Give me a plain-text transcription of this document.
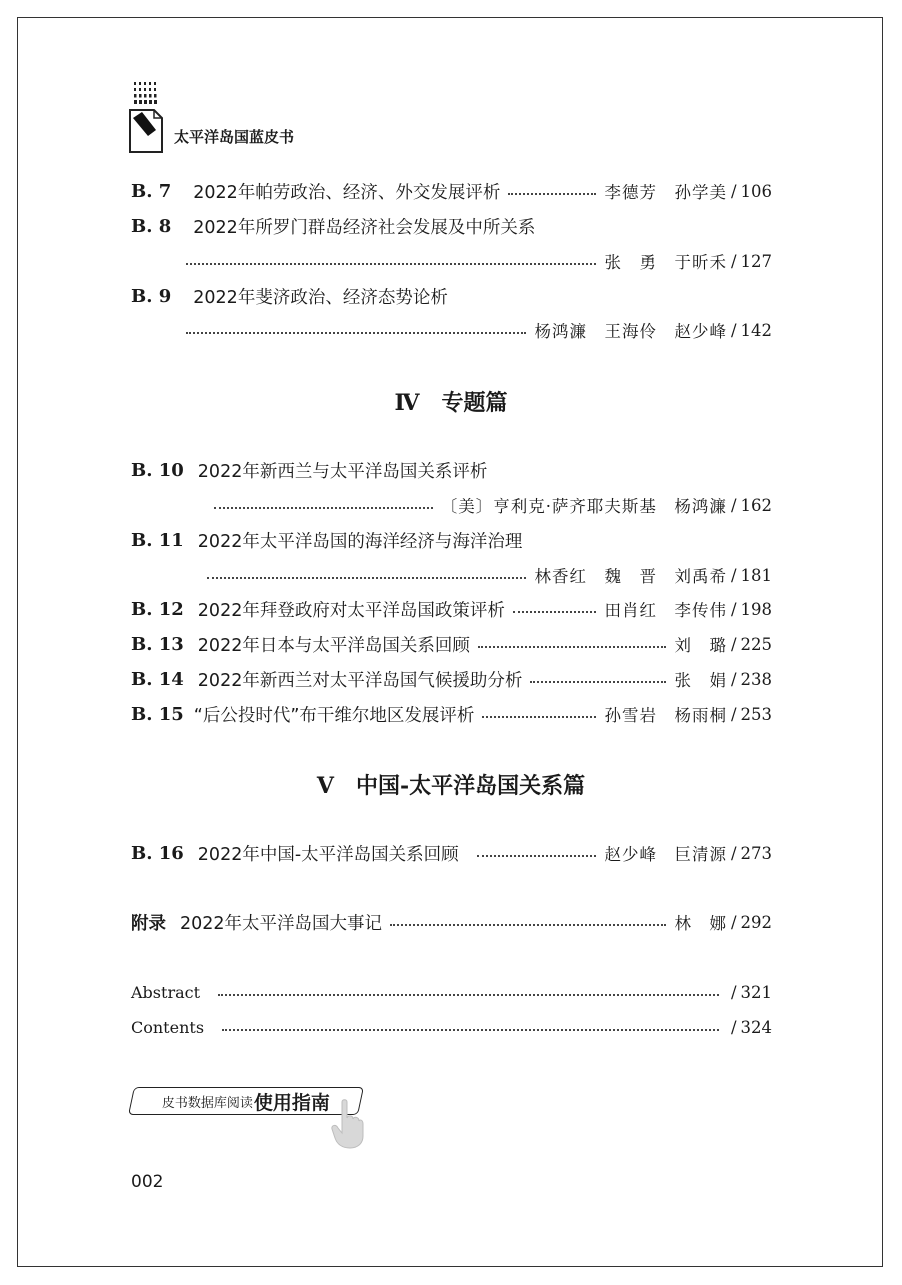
太平洋岛国蓝皮书
B. 7 2022年帕劳政治、经济、外交发展评析	李德芳　孙学美 / 106
B. 8 2022年所罗门群岛经济社会发展及中所关系
张　勇　于昕禾 / 127
B. 9 2022年斐济政治、经济态势论析
杨鸿濂　王海伶　赵少峰 / 142
Ⅳ 专题篇
B. 10 2022年新西兰与太平洋岛国关系评析
〔美〕亨利克·萨齐耶夫斯基　杨鸿濂 / 162
B. 11 2022年太平洋岛国的海洋经济与海洋治理
林香红　魏　晋　刘禹希 / 181
B. 12 2022年拜登政府对太平洋岛国政策评析	田肖红　李传伟 / 198
B. 13 2022年日本与太平洋岛国关系回顾	刘　璐 / 225
B. 14 2022年新西兰对太平洋岛国气候援助分析	张　娟 / 238
B. 15 “后公投时代”布干维尔地区发展评析	孙雪岩　杨雨桐 / 253
Ⅴ 中国-太平洋岛国关系篇
B. 16 2022年中国-太平洋岛国关系回顾	赵少峰　巨清源 / 273
附录 2022年太平洋岛国大事记	林　娜 / 292
Abstract	/ 321
Contents	/ 324
皮书数据库阅读 使用指南
002
